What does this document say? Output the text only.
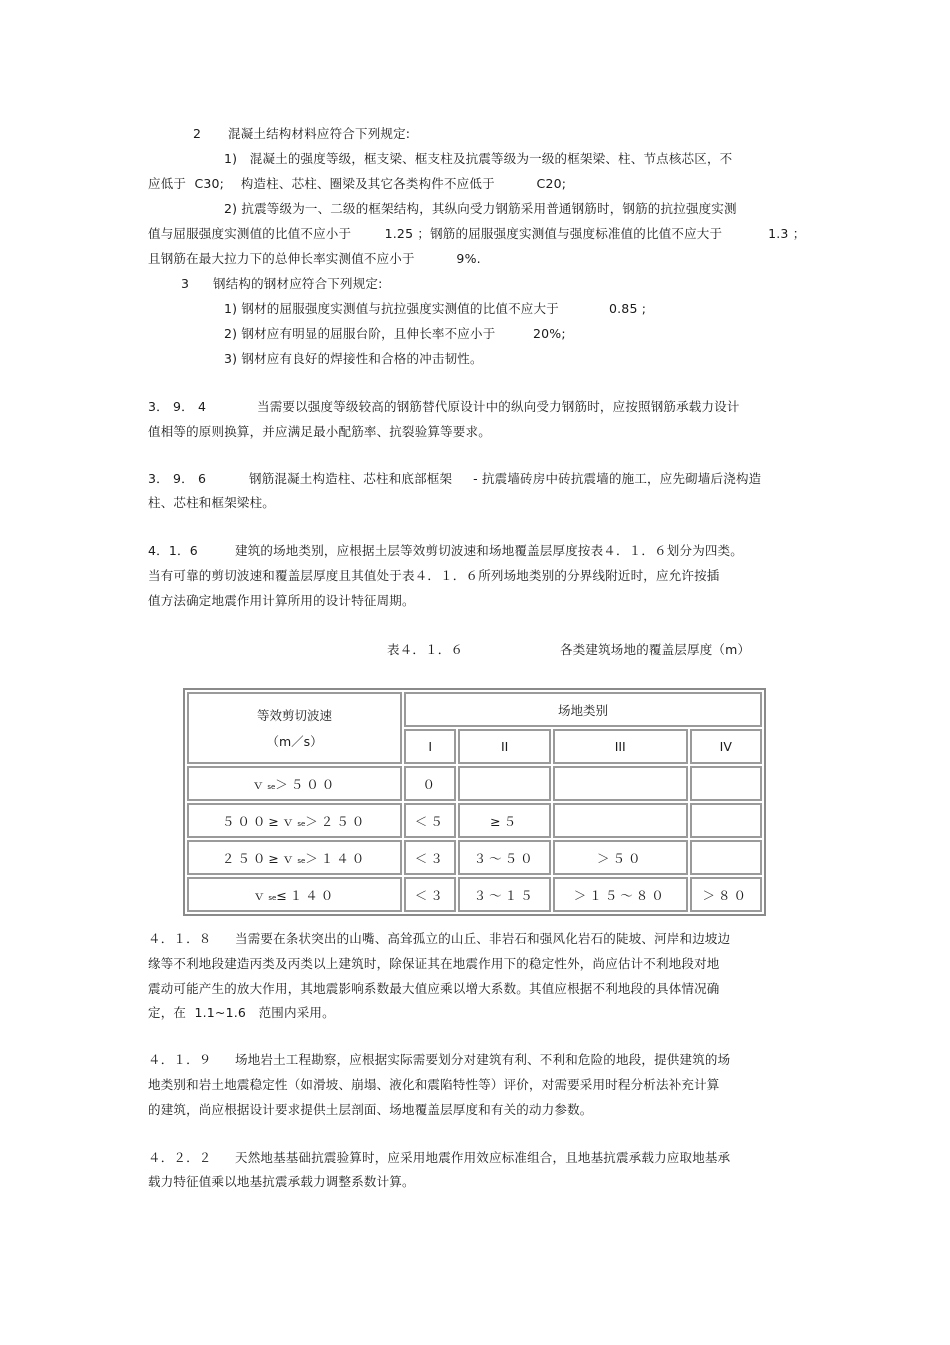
2 混凝土结构材料应符合下列规定:
1)   混凝土的强度等级，框支梁、框支柱及抗震等级为一级的框架梁、柱、节点核芯区，不
应低于  C30;    构造柱、芯柱、圈梁及其它各类构件不应低于          C20;
2) 抗震等级为一、二级的框架结构，其纵向受力钢筋采用普通钢筋时，钢筋的抗拉强度实测
值与屈服强度实测值的比值不应小于        1.25 ；钢筋的屈服强度实测值与强度标准值的比值不应大于           1.3 ；
且钢筋在最大拉力下的总伸长率实测值不应小于          9%.
3 钢结构的钢材应符合下列规定:
1) 钢材的屈服强度实测值与抗拉强度实测值的比值不应大于            0.85 ;
2) 钢材应有明显的屈服台阶，且伸长率不应小于         20%;
3) 钢材应有良好的焊接性和合格的冲击韧性。
3． 9． 4	当需要以强度等级较高的钢筋替代原设计中的纵向受力钢筋时，应按照钢筋承载力设计
值相等的原则换算，并应满足最小配筋率、抗裂验算等要求。
3． 9． 6	钢筋混凝土构造柱、芯柱和底部框架     - 抗震墙砖房中砖抗震墙的施工，应先砌墙后浇构造
柱、芯柱和框架梁柱。
4．1．6	建筑的场地类别，应根据土层等效剪切波速和场地覆盖层厚度按表４．１．６划分为四类。
当有可靠的剪切波速和覆盖层厚度且其值处于表４．１．６所列场地类别的分界线附近时，应允许按插
值方法确定地震作用计算所用的设计特征周期。
表４．１．６	各类建筑场地的覆盖层厚度（m）
等效剪切波速
（m／s）	场地类别			
	I	II	III	IV
ｖse＞５００	０			
５００≥ｖse＞２５０	＜５	≥５		
２５０≥ｖse＞１４０	＜３	３～５０	＞５０	
ｖse≤１４０	＜３	３～１５	＞１５～８０	＞８０
４．１．８ 当需要在条状突出的山嘴、高耸孤立的山丘、非岩石和强风化岩石的陡坡、河岸和边坡边
缘等不利地段建造丙类及丙类以上建筑时，除保证其在地震作用下的稳定性外，尚应估计不利地段对地
震动可能产生的放大作用，其地震影响系数最大值应乘以增大系数。其值应根据不利地段的具体情况确
定，在  1.1~1.6   范围内采用。
４．１．９ 场地岩土工程勘察，应根据实际需要划分对建筑有利、不利和危险的地段，提供建筑的场
地类别和岩土地震稳定性（如滑坡、崩塌、液化和震陷特性等）评价，对需要采用时程分析法补充计算
的建筑，尚应根据设计要求提供土层剖面、场地覆盖层厚度和有关的动力参数。
４．２．２ 天然地基基础抗震验算时，应采用地震作用效应标准组合，且地基抗震承载力应取地基承
载力特征值乘以地基抗震承载力调整系数计算。
